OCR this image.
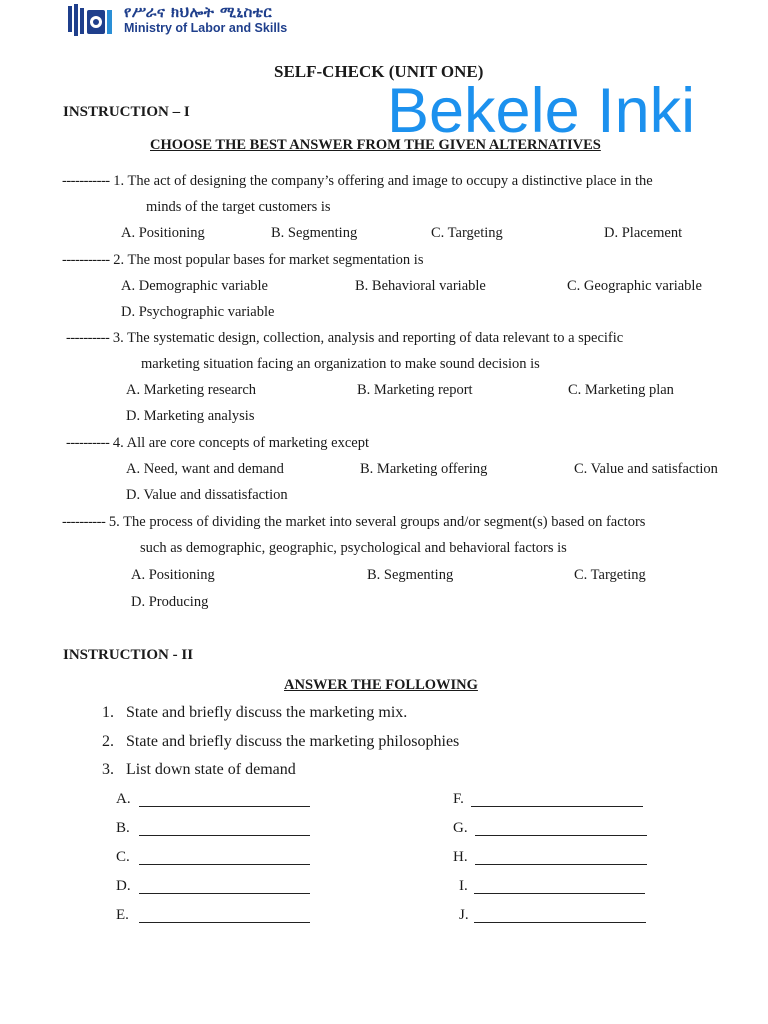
የሥራና ክህሎት ሚኒስቴር
Ministry of Labor and Skills
SELF-CHECK (UNIT ONE)
Bekele Inki
INSTRUCTION – I
CHOOSE THE BEST ANSWER FROM THE GIVEN ALTERNATIVES
----------- 1. The act of designing the company’s offering and image to occupy a distinctive place in the
minds of the target customers is
A. Positioning	B. Segmenting	C. Targeting	D. Placement
----------- 2. The most popular bases for market segmentation is
A. Demographic variable	B. Behavioral variable	C. Geographic variable
D. Psychographic variable
---------- 3. The systematic design, collection, analysis and reporting of data relevant to a specific
marketing situation facing an organization to make sound decision is
A. Marketing research	B. Marketing report	C. Marketing plan
D. Marketing analysis
---------- 4. All are core concepts of marketing except
A. Need, want and demand	B. Marketing offering	C. Value and satisfaction
D. Value and dissatisfaction
---------- 5. The process of dividing the market into several groups and/or segment(s) based on factors
such as demographic, geographic, psychological and behavioral factors is
A. Positioning	B. Segmenting	C. Targeting
D. Producing
INSTRUCTION - II
ANSWER THE FOLLOWING
1. State and briefly discuss the marketing mix.
2. State and briefly discuss the marketing philosophies
3. List down state of demand
A.
B.
C.
D.
E.
F.
G.
H.
I.
J.
